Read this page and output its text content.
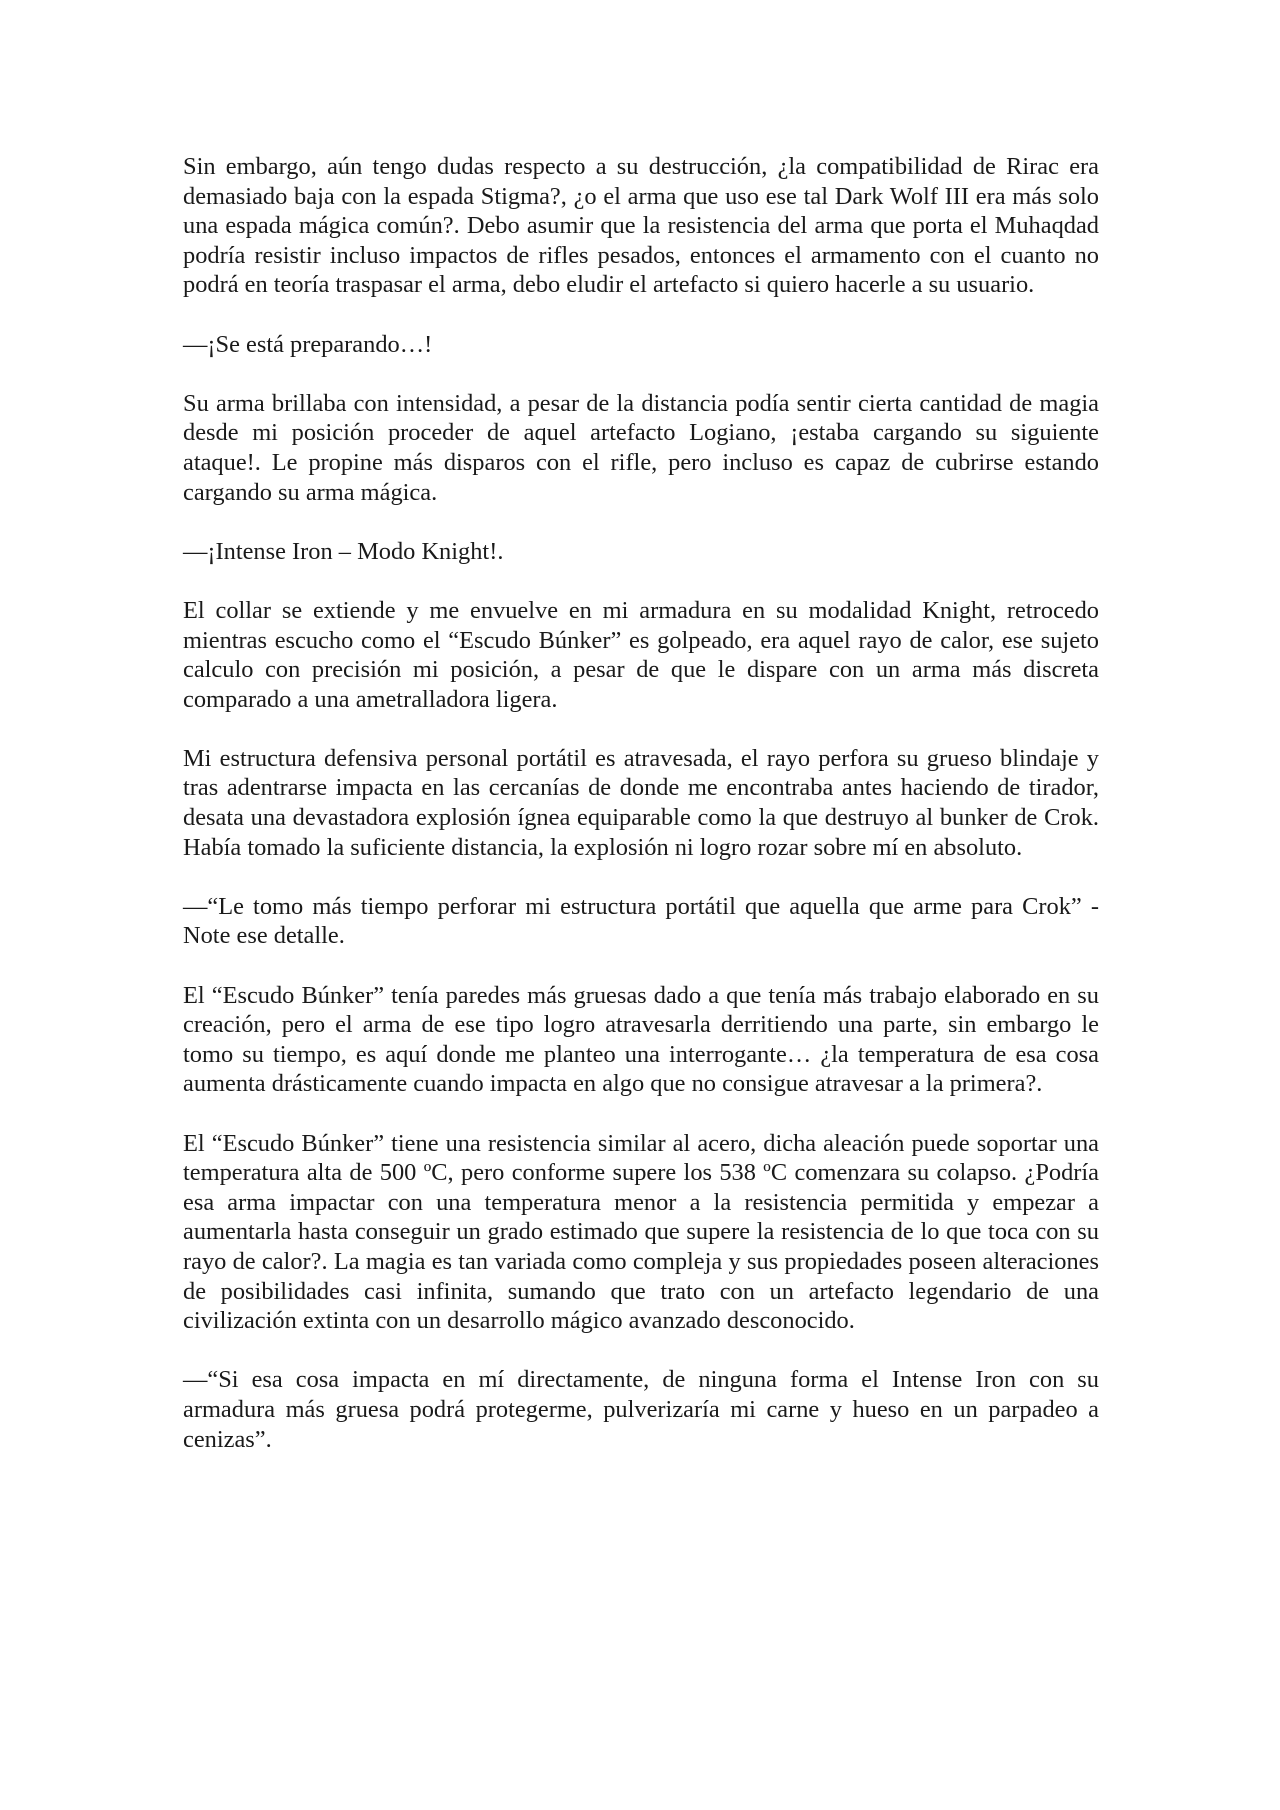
Sin embargo, aún tengo dudas respecto a su destrucción, ¿la compatibilidad de Rirac era demasiado baja con la espada Stigma?, ¿o el arma que uso ese tal Dark Wolf III era más solo una espada mágica común?. Debo asumir que la resistencia del arma que porta el Muhaqdad podría resistir incluso impactos de rifles pesados, entonces el armamento con el cuanto no podrá en teoría traspasar el arma, debo eludir el artefacto si quiero hacerle a su usuario.

—¡Se está preparando…!

Su arma brillaba con intensidad, a pesar de la distancia podía sentir cierta cantidad de magia desde mi posición proceder de aquel artefacto Logiano, ¡estaba cargando su siguiente ataque!. Le propine más disparos con el rifle, pero incluso es capaz de cubrirse estando cargando su arma mágica.

—¡Intense Iron – Modo Knight!.

El collar se extiende y me envuelve en mi armadura en su modalidad Knight, retrocedo mientras escucho como el “Escudo Búnker” es golpeado, era aquel rayo de calor, ese sujeto calculo con precisión mi posición, a pesar de que le dispare con un arma más discreta comparado a una ametralladora ligera.

Mi estructura defensiva personal portátil es atravesada, el rayo perfora su grueso blindaje y tras adentrarse impacta en las cercanías de donde me encontraba antes haciendo de tirador, desata una devastadora explosión ígnea equiparable como la que destruyo al bunker de Crok. Había tomado la suficiente distancia, la explosión ni logro rozar sobre mí en absoluto.

—“Le tomo más tiempo perforar mi estructura portátil que aquella que arme para Crok” -Note ese detalle.

El “Escudo Búnker” tenía paredes más gruesas dado a que tenía más trabajo elaborado en su creación, pero el arma de ese tipo logro atravesarla derritiendo una parte, sin embargo le tomo su tiempo, es aquí donde me planteo una interrogante… ¿la temperatura de esa cosa aumenta drásticamente cuando impacta en algo que no consigue atravesar a la primera?.

El “Escudo Búnker” tiene una resistencia similar al acero, dicha aleación puede soportar una temperatura alta de 500 ºC, pero conforme supere los 538 ºC comenzara su colapso. ¿Podría esa arma impactar con una temperatura menor a la resistencia permitida y empezar a aumentarla hasta conseguir un grado estimado que supere la resistencia de lo que toca con su rayo de calor?. La magia es tan variada como compleja y sus propiedades poseen alteraciones de posibilidades casi infinita, sumando que trato con un artefacto legendario de una civilización extinta con un desarrollo mágico avanzado desconocido.

—“Si esa cosa impacta en mí directamente, de ninguna forma el Intense Iron con su armadura más gruesa podrá protegerme, pulverizaría mi carne y hueso en un parpadeo a cenizas”.
